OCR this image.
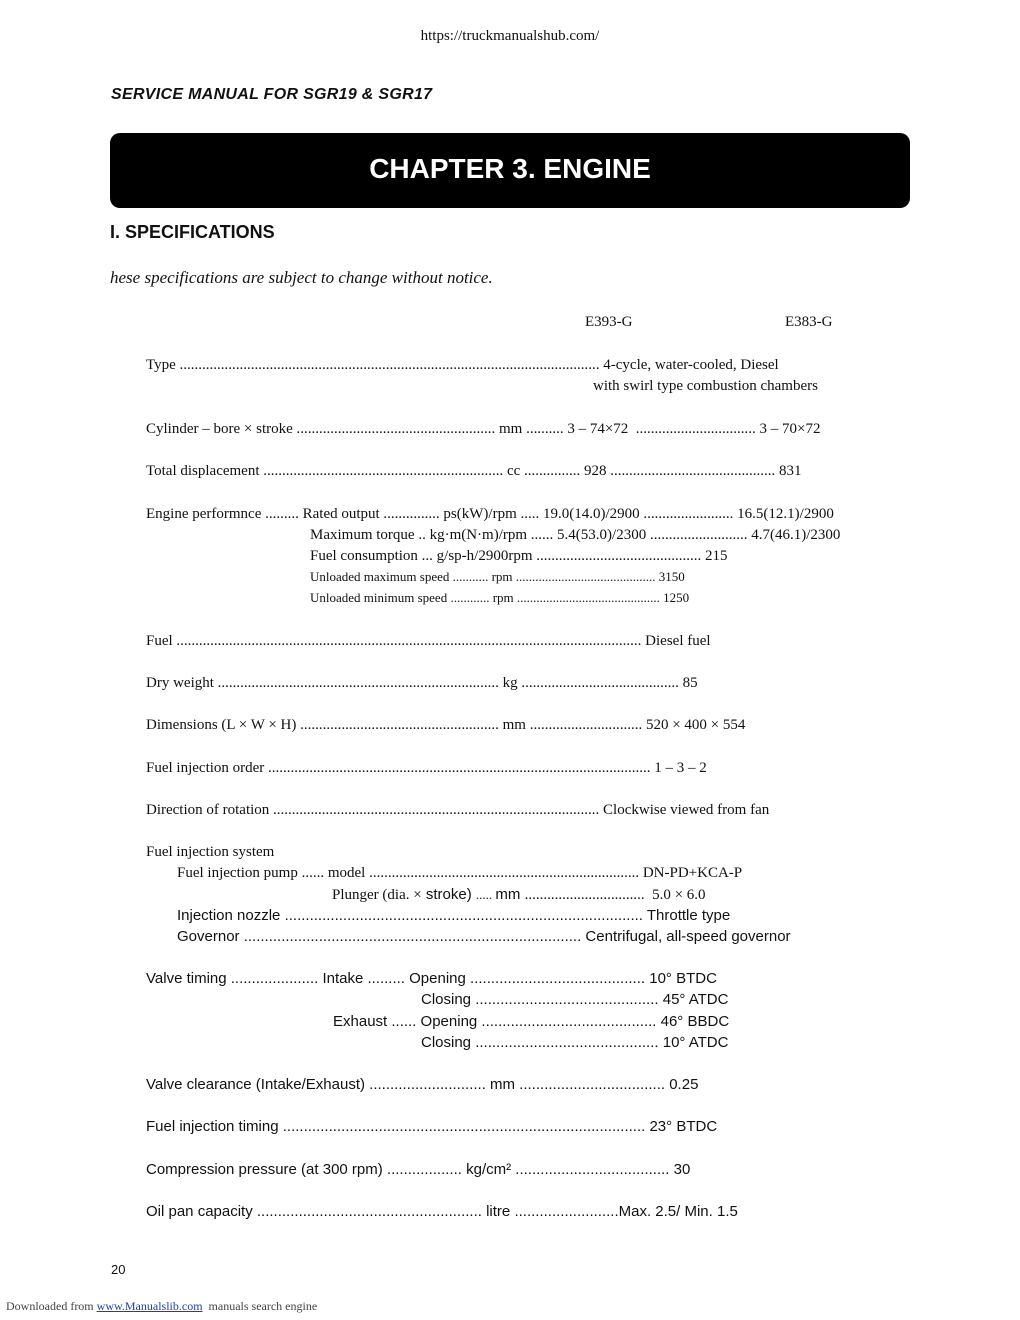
https://truckmanualshub.com/
SERVICE MANUAL FOR SGR19 & SGR17
CHAPTER 3. ENGINE
I. SPECIFICATIONS
hese specifications are subject to change without notice.
E393-G	E383-G
Type ................................................................................................................ 4-cycle, water-cooled, Diesel
with swirl type combustion chambers
Cylinder – bore × stroke ..................................................... mm .......... 3 – 74×72  ................................ 3 – 70×72
Total displacement ................................................................ cc ............... 928 ............................................ 831
Engine performnce ......... Rated output ............... ps(kW)/rpm ..... 19.0(14.0)/2900 ........................ 16.5(12.1)/2900
Maximum torque .. kg·m(N·m)/rpm ...... 5.4(53.0)/2300 .......................... 4.7(46.1)/2300
Fuel consumption ... g/sp-h/2900rpm ............................................ 215
Unloaded maximum speed ........... rpm ........................................... 3150
Unloaded minimum speed ............ rpm ............................................ 1250
Fuel ............................................................................................................................ Diesel fuel
Dry weight ........................................................................... kg .......................................... 85
Dimensions (L × W × H) ..................................................... mm .............................. 520 × 400 × 554
Fuel injection order ...................................................................................................... 1 – 3 – 2
Direction of rotation ....................................................................................... Clockwise viewed from fan
Fuel injection system
Fuel injection pump ...... model ........................................................................ DN-PD+KCA-P
Plunger (dia. × stroke) ..... mm ................................  5.0 × 6.0
Injection nozzle ...................................................................................... Throttle type
Governor ................................................................................. Centrifugal, all-speed governor
Valve timing ..................... Intake ......... Opening .......................................... 10° BTDC
Closing ............................................ 45° ATDC
Exhaust ...... Opening .......................................... 46° BBDC
Closing ............................................ 10° ATDC
Valve clearance (Intake/Exhaust) ............................ mm ................................... 0.25
Fuel injection timing ....................................................................................... 23° BTDC
Compression pressure (at 300 rpm) .................. kg/cm² ..................................... 30
Oil pan capacity ...................................................... litre .........................Max. 2.5/ Min. 1.5
20
Downloaded from www.Manualslib.com  manuals search engine
